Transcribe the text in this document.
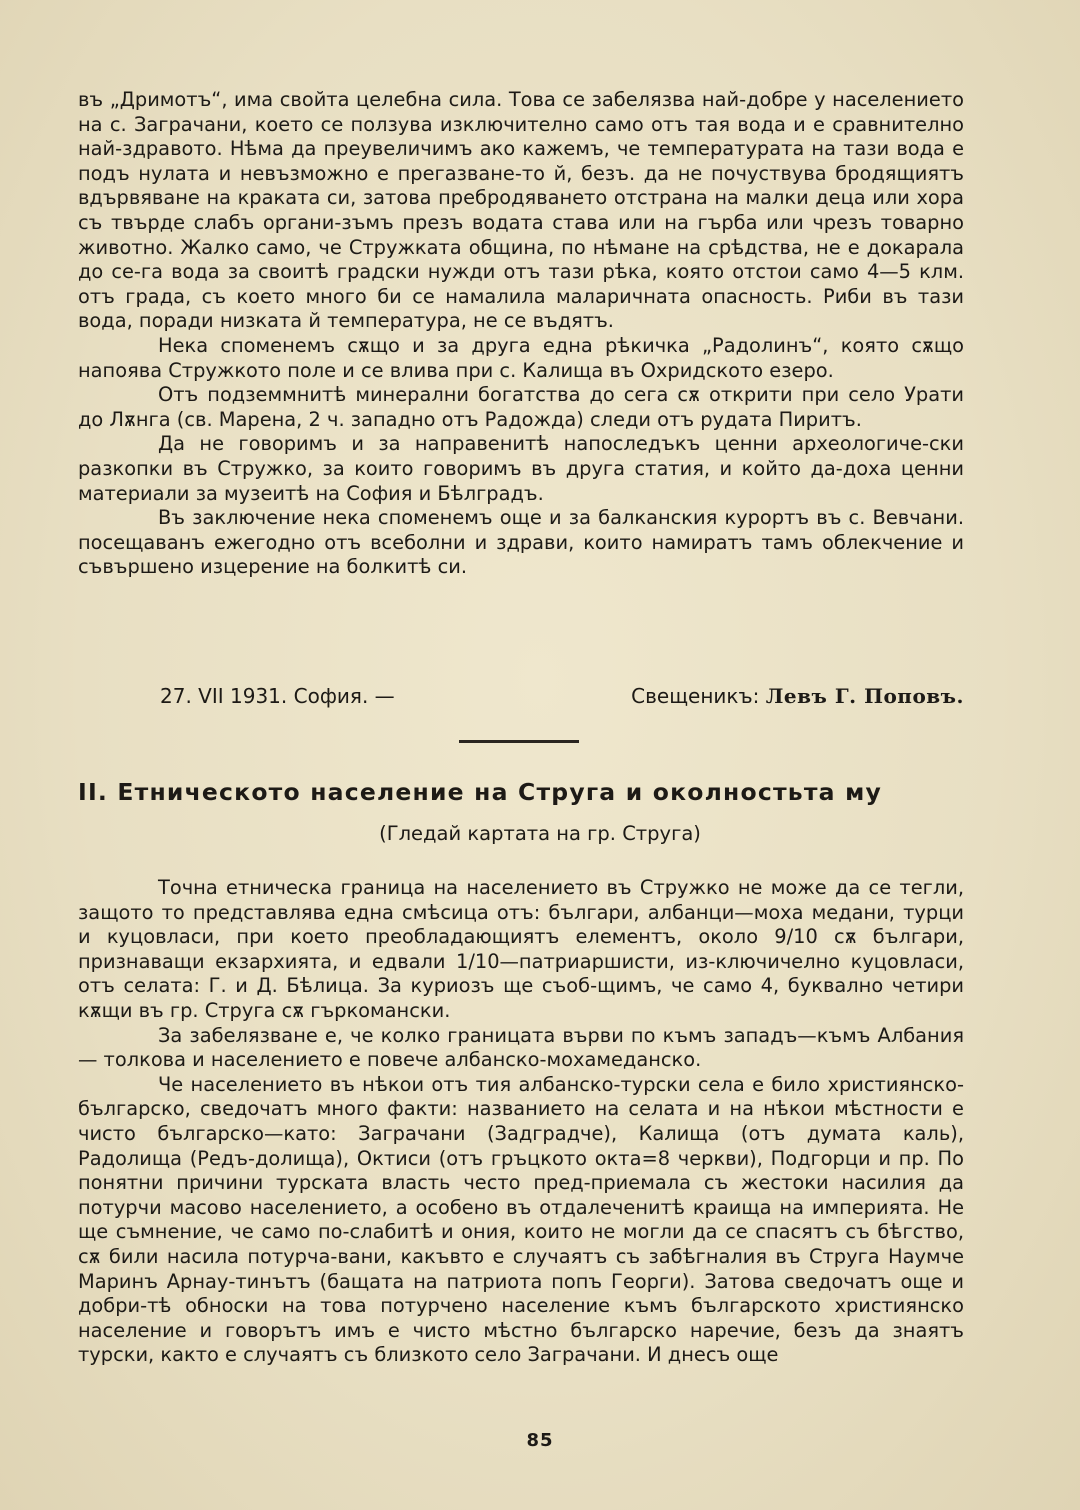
въ „Дримотъ“, има свойта целебна сила. Това се забелязва най-добре у населението на с. Заграчани, което се ползува изключително само отъ тая вода и е сравнително най-здравото. Нѣма да преувеличимъ ако кажемъ, че температурата на тази вода е подъ нулата и невъзможно е прегазване-то й, безъ. да не почуствува бродящиятъ вдървяване на краката си, затова пребродяването отстрана на малки деца или хора съ твърде слабъ органи-зъмъ презъ водата става или на гърба или чрезъ товарно животно. Жалко само, че Стружката община, по нѣмане на срѣдства, не е докарала до се-га вода за своитѣ градски нужди отъ тази рѣка, която отстои само 4—5 клм. отъ града, съ което много би се намалила маларичната опасность. Риби въ тази вода, поради низката й температура, не се въдятъ.

Нека споменемъ сѫщо и за друга една рѣкичка „Радолинъ“, която сѫщо напоява Стружкото поле и се влива при с. Калища въ Охридското езеро.

Отъ подземмнитѣ минерални богатства до сега сѫ открити при село Урати до Лѫнга (св. Марена, 2 ч. западно отъ Радожда) следи отъ рудата Пиритъ.

Да не говоримъ и за направенитѣ напоследъкъ ценни археологиче-ски разкопки въ Стружко, за които говоримъ въ друга статия, и който да-доха ценни материали за музеитѣ на София и Бѣлградъ.

Въ заключение нека споменемъ още и за балканския курортъ въ с. Вевчани. посещаванъ ежегодно отъ всеболни и здрави, които намиратъ тамъ облекчение и съвършено изцерение на болкитѣ си.

27. VII 1931. София. —	Свещеникъ: Левъ Г. Поповъ.
II. Етническото население на Струга и околностьта му
(Гледай картата на гр. Струга)

Точна етническа граница на населението въ Стружко не може да се тегли, защото то представлява една смѣсица отъ: българи, албанци—моха медани, турци и куцовласи, при което преобладающиятъ елементъ, около 9/10 сѫ българи, признаващи екзархията, и едвали 1/10—патриаршисти, из-ключичелно куцовласи, отъ селата: Г. и Д. Бѣлица. За куриозъ ще съоб-щимъ, че само 4, буквално четири кѫщи въ гр. Струга сѫ гъркомански.

За забелязване е, че колко границата върви по къмъ западъ—къмъ Албания — толкова и населението е повече албанско-мохамеданско.

Че населението въ нѣкои отъ тия албанско-турски села е било християнско-българско, сведочатъ много факти: названието на селата и на нѣкои мѣстности е чисто българско—като: Заграчани (Задградче), Калища (отъ думата каль), Радолища (Редъ-долища), Октиси (отъ гръцкото окта=8 черкви), Подгорци и пр. По понятни причини турската власть често пред-приемала съ жестоки насилия да потурчи масово населението, а особено въ отдалеченитѣ краища на империята. Не ще съмнение, че само по-слабитѣ и ония, които не могли да се спасятъ съ бѣгство, сѫ били насила потурча-вани, какъвто е случаятъ съ забѣгналия въ Струга Наумче Маринъ Арнау-тинътъ (бащата на патриота попъ Георги). Затова сведочатъ още и добри-тѣ обноски на това потурчено население къмъ българското християнско население и говорътъ имъ е чисто мѣстно българско наречие, безъ да знаятъ турски, както е случаятъ съ близкото село Заграчани. И днесъ още

85
